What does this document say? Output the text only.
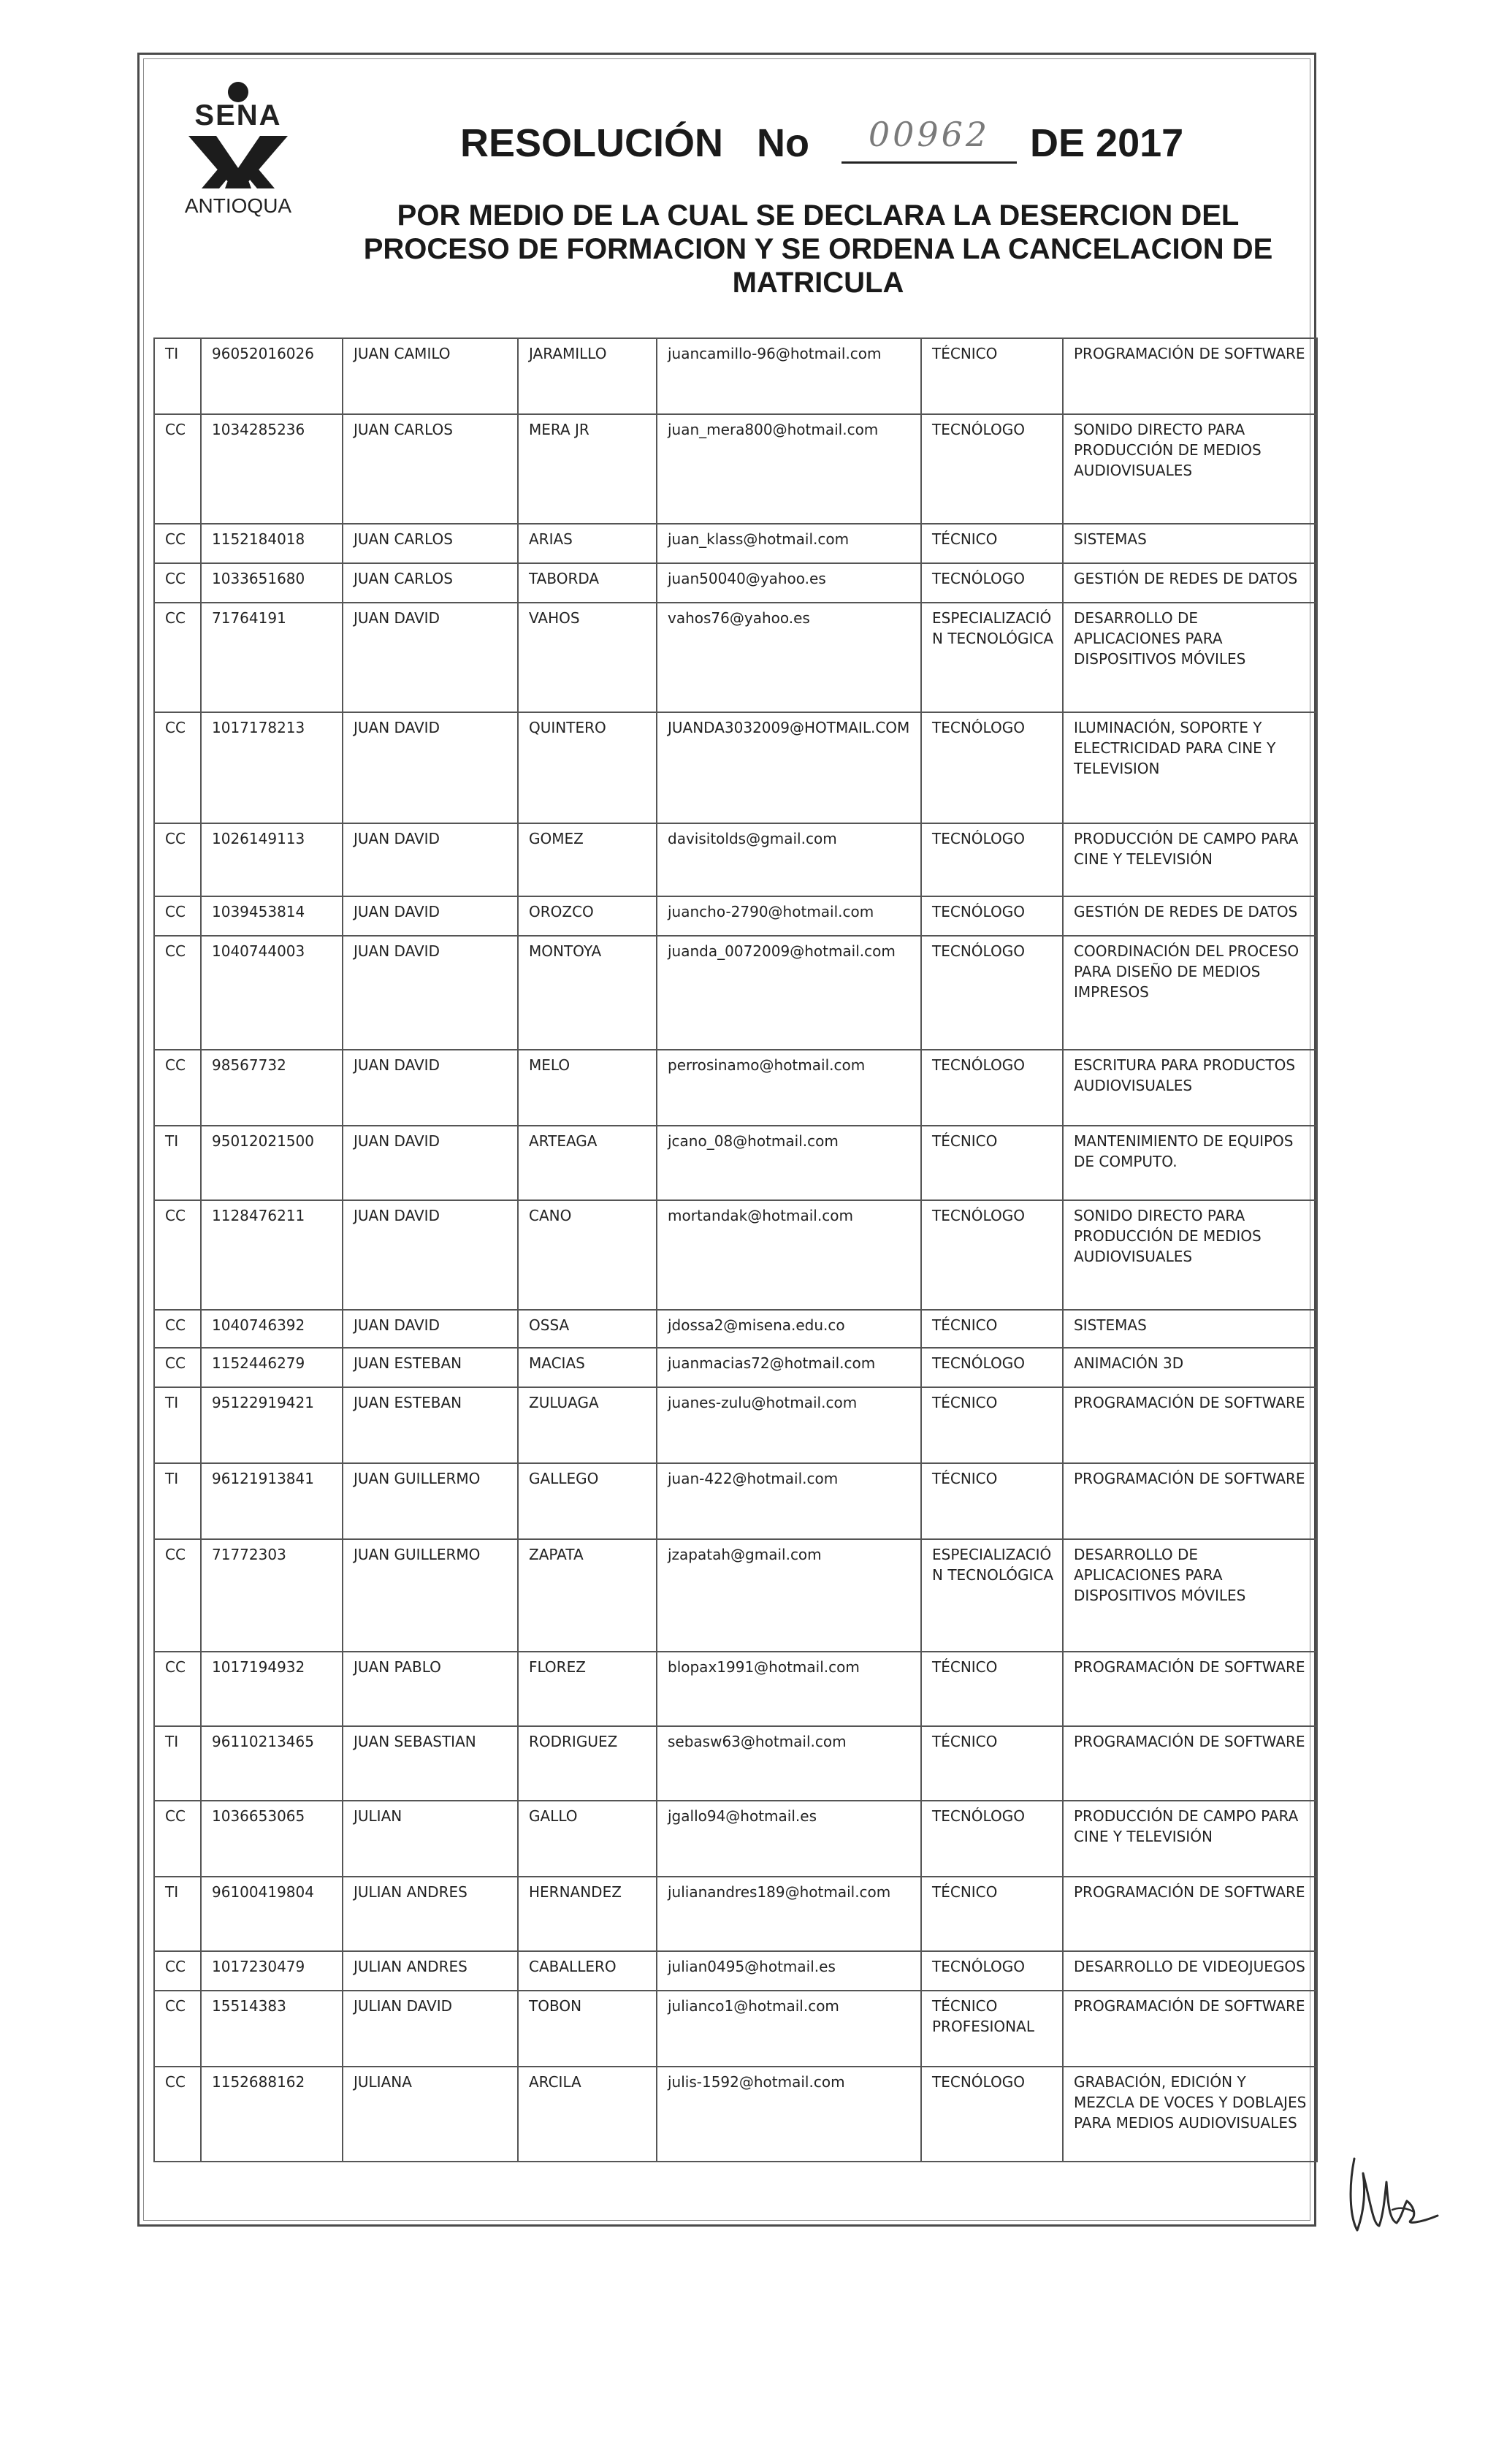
SENA
ANTIOQUA
RESOLUCIÓN No	00962	DE 2017
POR MEDIO DE LA CUAL SE DECLARA LA DESERCION DEL
PROCESO DE FORMACION Y SE ORDENA LA CANCELACION DE
MATRICULA
TI	96052016026	JUAN CAMILO	JARAMILLO	juancamillo-96@hotmail.com	TÉCNICO	PROGRAMACIÓN DE SOFTWARE
CC	1034285236	JUAN CARLOS	MERA JR	juan_mera800@hotmail.com	TECNÓLOGO	SONIDO DIRECTO PARA PRODUCCIÓN DE MEDIOS AUDIOVISUALES
CC	1152184018	JUAN CARLOS	ARIAS	juan_klass@hotmail.com	TÉCNICO	SISTEMAS
CC	1033651680	JUAN CARLOS	TABORDA	juan50040@yahoo.es	TECNÓLOGO	GESTIÓN DE REDES DE DATOS
CC	71764191	JUAN DAVID	VAHOS	vahos76@yahoo.es	ESPECIALIZACIÓN TECNOLÓGICA	DESARROLLO DE APLICACIONES PARA DISPOSITIVOS MÓVILES
CC	1017178213	JUAN DAVID	QUINTERO	JUANDA3032009@HOTMAIL.COM	TECNÓLOGO	ILUMINACIÓN, SOPORTE Y ELECTRICIDAD PARA CINE Y TELEVISION
CC	1026149113	JUAN DAVID	GOMEZ	davisitolds@gmail.com	TECNÓLOGO	PRODUCCIÓN DE CAMPO PARA CINE Y TELEVISIÓN
CC	1039453814	JUAN DAVID	OROZCO	juancho-2790@hotmail.com	TECNÓLOGO	GESTIÓN DE REDES DE DATOS
CC	1040744003	JUAN DAVID	MONTOYA	juanda_0072009@hotmail.com	TECNÓLOGO	COORDINACIÓN DEL PROCESO PARA DISEÑO DE MEDIOS IMPRESOS
CC	98567732	JUAN DAVID	MELO	perrosinamo@hotmail.com	TECNÓLOGO	ESCRITURA PARA PRODUCTOS AUDIOVISUALES
TI	95012021500	JUAN DAVID	ARTEAGA	jcano_08@hotmail.com	TÉCNICO	MANTENIMIENTO DE EQUIPOS DE COMPUTO.
CC	1128476211	JUAN DAVID	CANO	mortandak@hotmail.com	TECNÓLOGO	SONIDO DIRECTO PARA PRODUCCIÓN DE MEDIOS AUDIOVISUALES
CC	1040746392	JUAN DAVID	OSSA	jdossa2@misena.edu.co	TÉCNICO	SISTEMAS
CC	1152446279	JUAN ESTEBAN	MACIAS	juanmacias72@hotmail.com	TECNÓLOGO	ANIMACIÓN 3D
TI	95122919421	JUAN ESTEBAN	ZULUAGA	juanes-zulu@hotmail.com	TÉCNICO	PROGRAMACIÓN DE SOFTWARE
TI	96121913841	JUAN GUILLERMO	GALLEGO	juan-422@hotmail.com	TÉCNICO	PROGRAMACIÓN DE SOFTWARE
CC	71772303	JUAN GUILLERMO	ZAPATA	jzapatah@gmail.com	ESPECIALIZACIÓN TECNOLÓGICA	DESARROLLO DE APLICACIONES PARA DISPOSITIVOS MÓVILES
CC	1017194932	JUAN PABLO	FLOREZ	blopax1991@hotmail.com	TÉCNICO	PROGRAMACIÓN DE SOFTWARE
TI	96110213465	JUAN SEBASTIAN	RODRIGUEZ	sebasw63@hotmail.com	TÉCNICO	PROGRAMACIÓN DE SOFTWARE
CC	1036653065	JULIAN	GALLO	jgallo94@hotmail.es	TECNÓLOGO	PRODUCCIÓN DE CAMPO PARA CINE Y TELEVISIÓN
TI	96100419804	JULIAN ANDRES	HERNANDEZ	julianandres189@hotmail.com	TÉCNICO	PROGRAMACIÓN DE SOFTWARE
CC	1017230479	JULIAN ANDRES	CABALLERO	julian0495@hotmail.es	TECNÓLOGO	DESARROLLO DE VIDEOJUEGOS
CC	15514383	JULIAN DAVID	TOBON	julianco1@hotmail.com	TÉCNICO PROFESIONAL	PROGRAMACIÓN DE SOFTWARE
CC	1152688162	JULIANA	ARCILA	julis-1592@hotmail.com	TECNÓLOGO	GRABACIÓN, EDICIÓN Y MEZCLA DE VOCES Y DOBLAJES PARA MEDIOS AUDIOVISUALES
